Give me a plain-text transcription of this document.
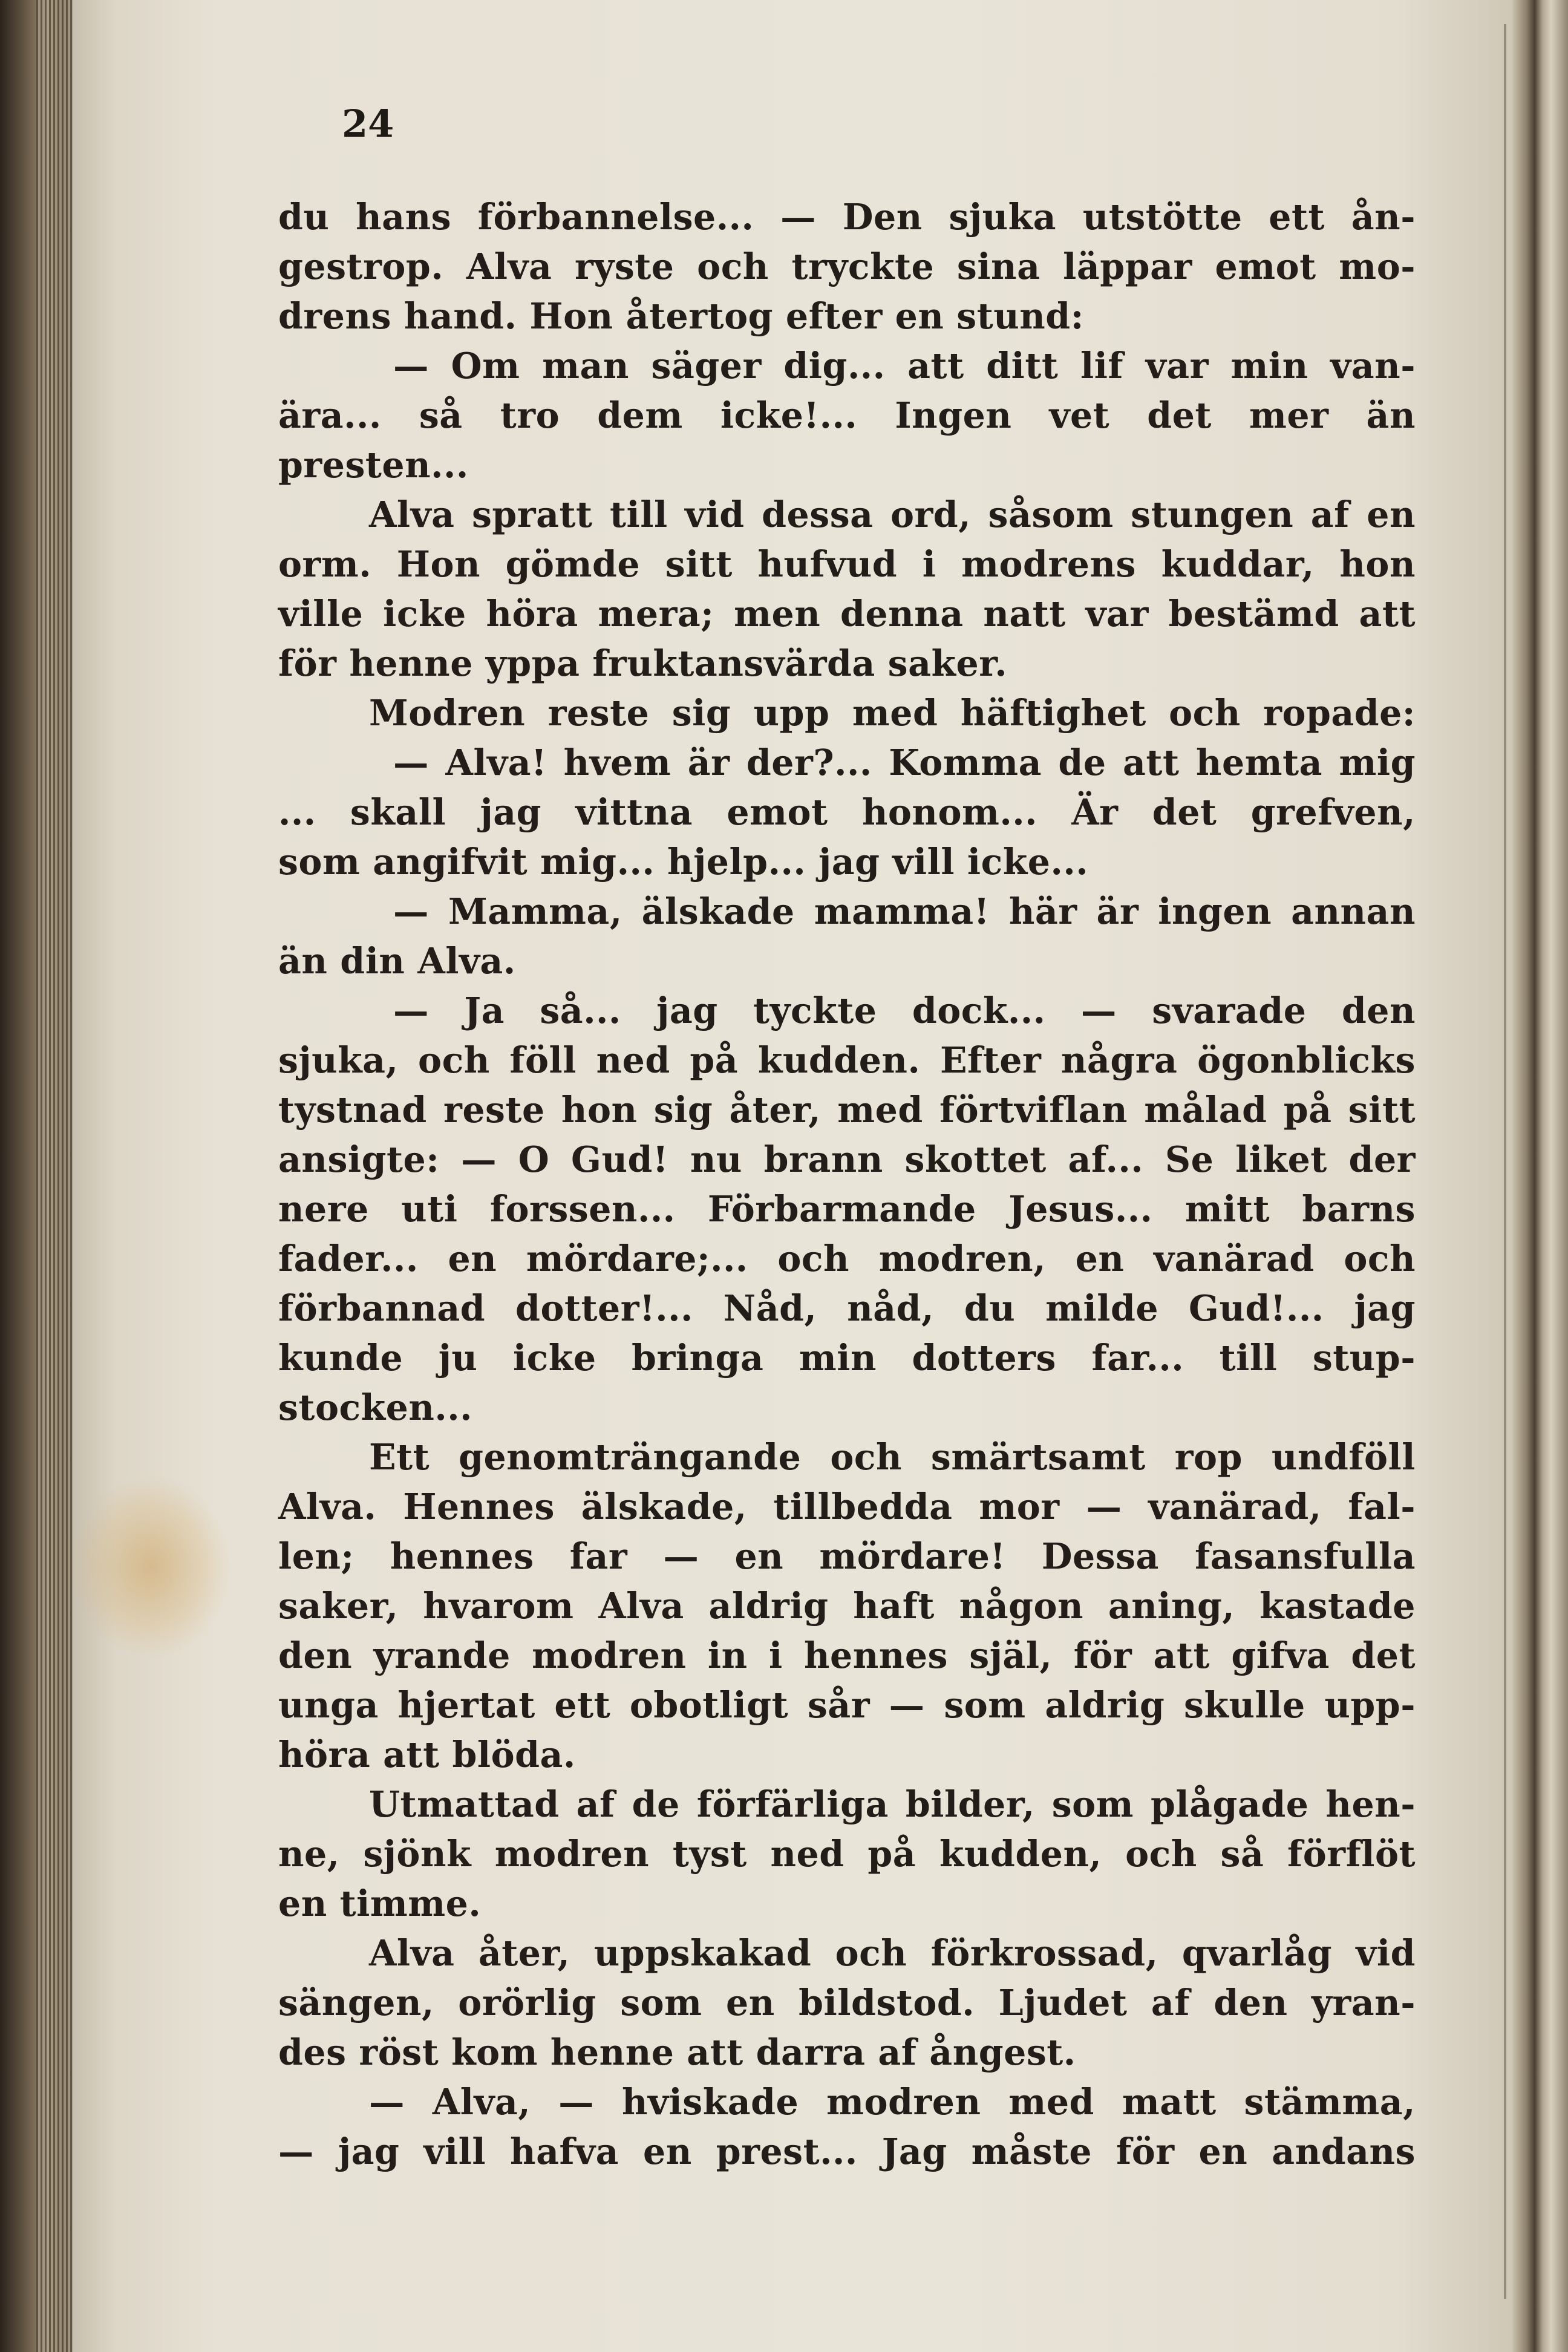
24
du hans förbannelse... — Den sjuka utstötte ett ån-
gestrop. Alva ryste och tryckte sina läppar emot mo-
drens hand. Hon återtog efter en stund:
— Om man säger dig... att ditt lif var min van-
ära... så tro dem icke!... Ingen vet det mer än
presten...
Alva spratt till vid dessa ord, såsom stungen af en
orm. Hon gömde sitt hufvud i modrens kuddar, hon
ville icke höra mera; men denna natt var bestämd att
för henne yppa fruktansvärda saker.
Modren reste sig upp med häftighet och ropade:
— Alva! hvem är der?... Komma de att hemta mig
... skall jag vittna emot honom... Är det grefven,
som angifvit mig... hjelp... jag vill icke...
— Mamma, älskade mamma! här är ingen annan
än din Alva.
— Ja så... jag tyckte dock... — svarade den
sjuka, och föll ned på kudden. Efter några ögonblicks
tystnad reste hon sig åter, med förtviflan målad på sitt
ansigte: — O Gud! nu brann skottet af... Se liket der
nere uti forssen... Förbarmande Jesus... mitt barns
fader... en mördare;... och modren, en vanärad och
förbannad dotter!... Nåd, nåd, du milde Gud!... jag
kunde ju icke bringa min dotters far... till stup-
stocken...
Ett genomträngande och smärtsamt rop undföll
Alva. Hennes älskade, tillbedda mor — vanärad, fal-
len; hennes far — en mördare! Dessa fasansfulla
saker, hvarom Alva aldrig haft någon aning, kastade
den yrande modren in i hennes själ, för att gifva det
unga hjertat ett obotligt sår — som aldrig skulle upp-
höra att blöda.
Utmattad af de förfärliga bilder, som plågade hen-
ne, sjönk modren tyst ned på kudden, och så förflöt
en timme.
Alva åter, uppskakad och förkrossad, qvarlåg vid
sängen, orörlig som en bildstod. Ljudet af den yran-
des röst kom henne att darra af ångest.
— Alva, — hviskade modren med matt stämma,
— jag vill hafva en prest... Jag måste för en andans
